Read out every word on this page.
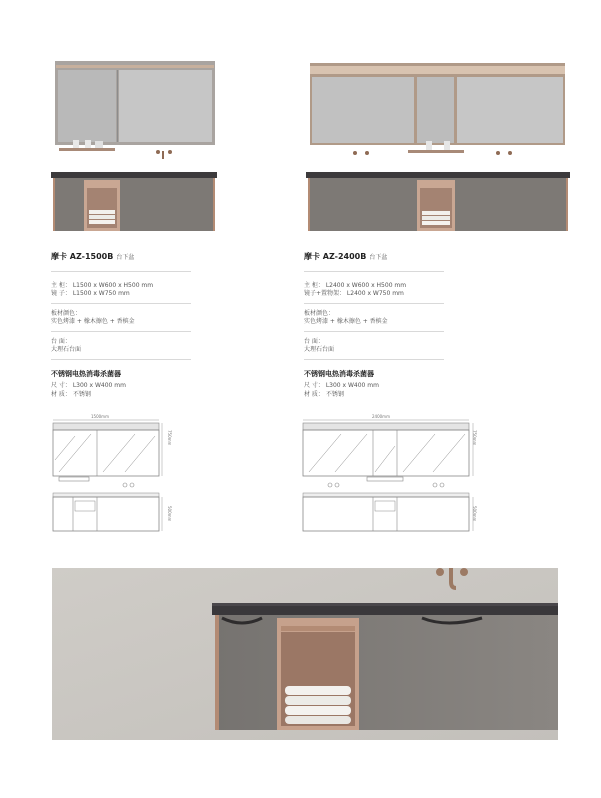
摩卡 AZ-1500B 台下盆
主 柜： L1500 x W600 x H500 mm
镜 子： L1500 x W750 mm
板材颜色：
实色烤漆 + 橡木擦色 + 香槟金
台 面：
大理石台面
不锈钢电热消毒杀菌器
尺 寸： L300 x W400 mm
材 质： 不锈钢
摩卡 AZ-2400B 台下盆
主 柜： L2400 x W600 x H500 mm
镜子+置物架： L2400 x W750 mm
板材颜色：
实色烤漆 + 橡木擦色 + 香槟金
台 面：
大理石台面
不锈钢电热消毒杀菌器
尺 寸： L300 x W400 mm
材 质： 不锈钢
1500mm
750mm
500mm
2400mm
750mm
500mm
